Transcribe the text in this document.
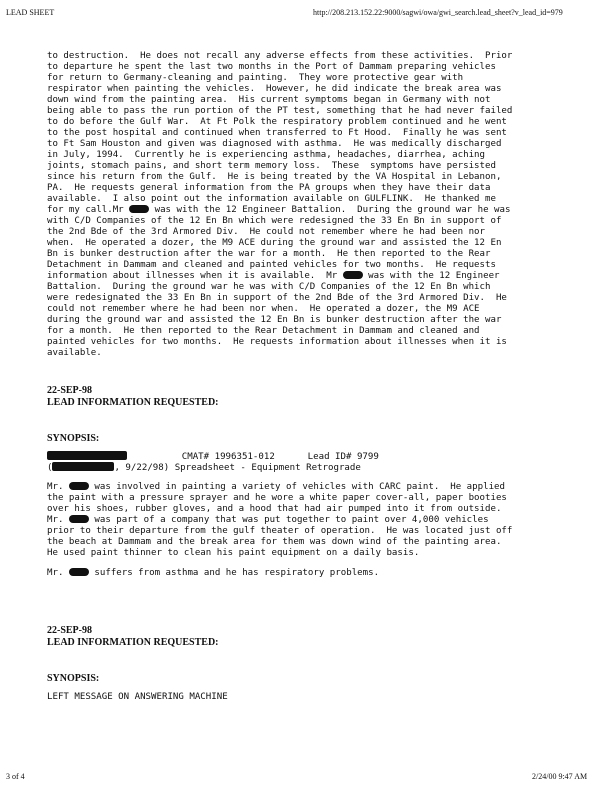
LEAD SHEET	http://208.213.152.22:9000/sagwi/owa/gwi_search.lead_sheet?v_lead_id=979
to destruction.  He does not recall any adverse effects from these activities.  Prior
to departure he spent the last two months in the Port of Dammam preparing vehicles
for return to Germany-cleaning and painting.  They wore protective gear with
respirator when painting the vehicles.  However, he did indicate the break area was
down wind from the painting area.  His current symptoms began in Germany with not
being able to pass the run portion of the PT test, something that he had never failed
to do before the Gulf War.  At Ft Polk the respiratory problem continued and he went
to the post hospital and continued when transferred to Ft Hood.  Finally he was sent
to Ft Sam Houston and given was diagnosed with asthma.  He was medically discharged
in July, 1994.  Currently he is experiencing asthma, headaches, diarrhea, aching
joints, stomach pains, and short term memory loss.  These  symptoms have persisted
since his return from the Gulf.  He is being treated by the VA Hospital in Lebanon,
PA.  He requests general information from the PA groups when they have their data
available.  I also point out the information available on GULFLINK.  He thanked me
for my call.Mr  was with the 12 Engineer Battalion.  During the ground war he was
with C/D Companies of the 12 En Bn which were redesigned the 33 En Bn in support of
the 2nd Bde of the 3rd Armored Div.  He could not remember where he had been nor
when.  He operated a dozer, the M9 ACE during the ground war and assisted the 12 En
Bn is bunker destruction after the war for a month.  He then reported to the Rear
Detachment in Dammam and cleaned and painted vehicles for two months.  He requests
information about illnesses when it is available.  Mr  was with the 12 Engineer
Battalion.  During the ground war he was with C/D Companies of the 12 En Bn which
were redesignated the 33 En Bn in support of the 2nd Bde of the 3rd Armored Div.  He
could not remember where he had been nor when.  He operated a dozer, the M9 ACE
during the ground war and assisted the 12 En Bn is bunker destruction after the war
for a month.  He then reported to the Rear Detachment in Dammam and cleaned and
painted vehicles for two months.  He requests information about illnesses when it is
available.
22-SEP-98
LEAD INFORMATION REQUESTED:
SYNOPSIS:
CMAT# 1996351-012      Lead ID# 9799
(	, 9/22/98) Spreadsheet - Equipment Retrograde
Mr.  was involved in painting a variety of vehicles with CARC paint.  He applied
the paint with a pressure sprayer and he wore a white paper cover-all, paper booties
over his shoes, rubber gloves, and a hood that had air pumped into it from outside.
Mr.  was part of a company that was put together to paint over 4,000 vehicles
prior to their departure from the gulf theater of operation.  He was located just off
the beach at Dammam and the break area for them was down wind of the painting area.
He used paint thinner to clean his paint equipment on a daily basis.
Mr.  suffers from asthma and he has respiratory problems.
22-SEP-98
LEAD INFORMATION REQUESTED:
SYNOPSIS:
LEFT MESSAGE ON ANSWERING MACHINE
3 of 4	2/24/00 9:47 AM
